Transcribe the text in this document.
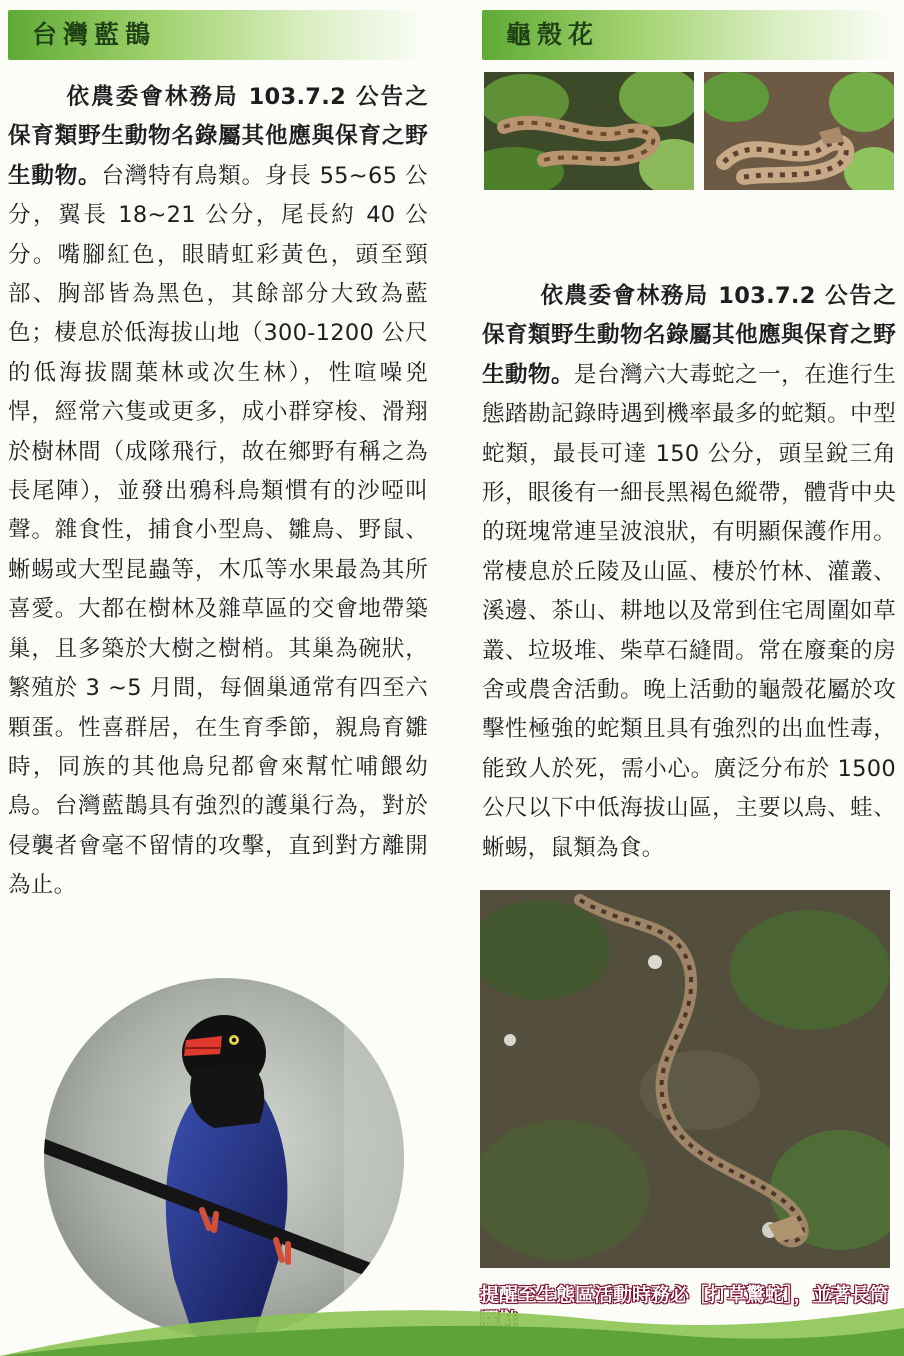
台灣藍鵲

依農委會林務局 103.7.2 公告之保育類野生動物名錄屬其他應與保育之野生動物。台灣特有鳥類。身長 55~65 公分，翼長 18~21 公分，尾長約 40 公分。嘴腳紅色，眼睛虹彩黃色，頭至頸部、胸部皆為黑色，其餘部分大致為藍色；棲息於低海拔山地（300-1200 公尺的低海拔闊葉林或次生林），性喧噪兇悍，經常六隻或更多，成小群穿梭、滑翔於樹林間（成隊飛行，故在鄉野有稱之為長尾陣），並發出鴉科鳥類慣有的沙啞叫聲。雜食性，捕食小型鳥、雛鳥、野鼠、蜥蜴或大型昆蟲等，木瓜等水果最為其所喜愛。大都在樹林及雜草區的交會地帶築巢，且多築於大樹之樹梢。其巢為碗狀，繁殖於 3 ~5 月間，每個巢通常有四至六顆蛋。性喜群居，在生育季節，親鳥育雛時，同族的其他鳥兒都會來幫忙哺餵幼鳥。台灣藍鵲具有強烈的護巢行為，對於侵襲者會毫不留情的攻擊，直到對方離開為止。

龜殼花

依農委會林務局 103.7.2 公告之保育類野生動物名錄屬其他應與保育之野生動物。是台灣六大毒蛇之一，在進行生態踏勘記錄時遇到機率最多的蛇類。中型蛇類，最長可達 150 公分，頭呈銳三角形，眼後有一細長黑褐色縱帶，體背中央的斑塊常連呈波浪狀，有明顯保護作用。常棲息於丘陵及山區、棲於竹林、灌叢、溪邊、茶山、耕地以及常到住宅周圍如草叢、垃圾堆、柴草石縫間。常在廢棄的房舍或農舍活動。晚上活動的龜殼花屬於攻擊性極強的蛇類且具有強烈的出血性毒，能致人於死，需小心。廣泛分布於 1500 公尺以下中低海拔山區，主要以鳥、蛙、蜥蜴，鼠類為食。

提醒至生態區活動時務必［打草驚蛇］，並著長筒
